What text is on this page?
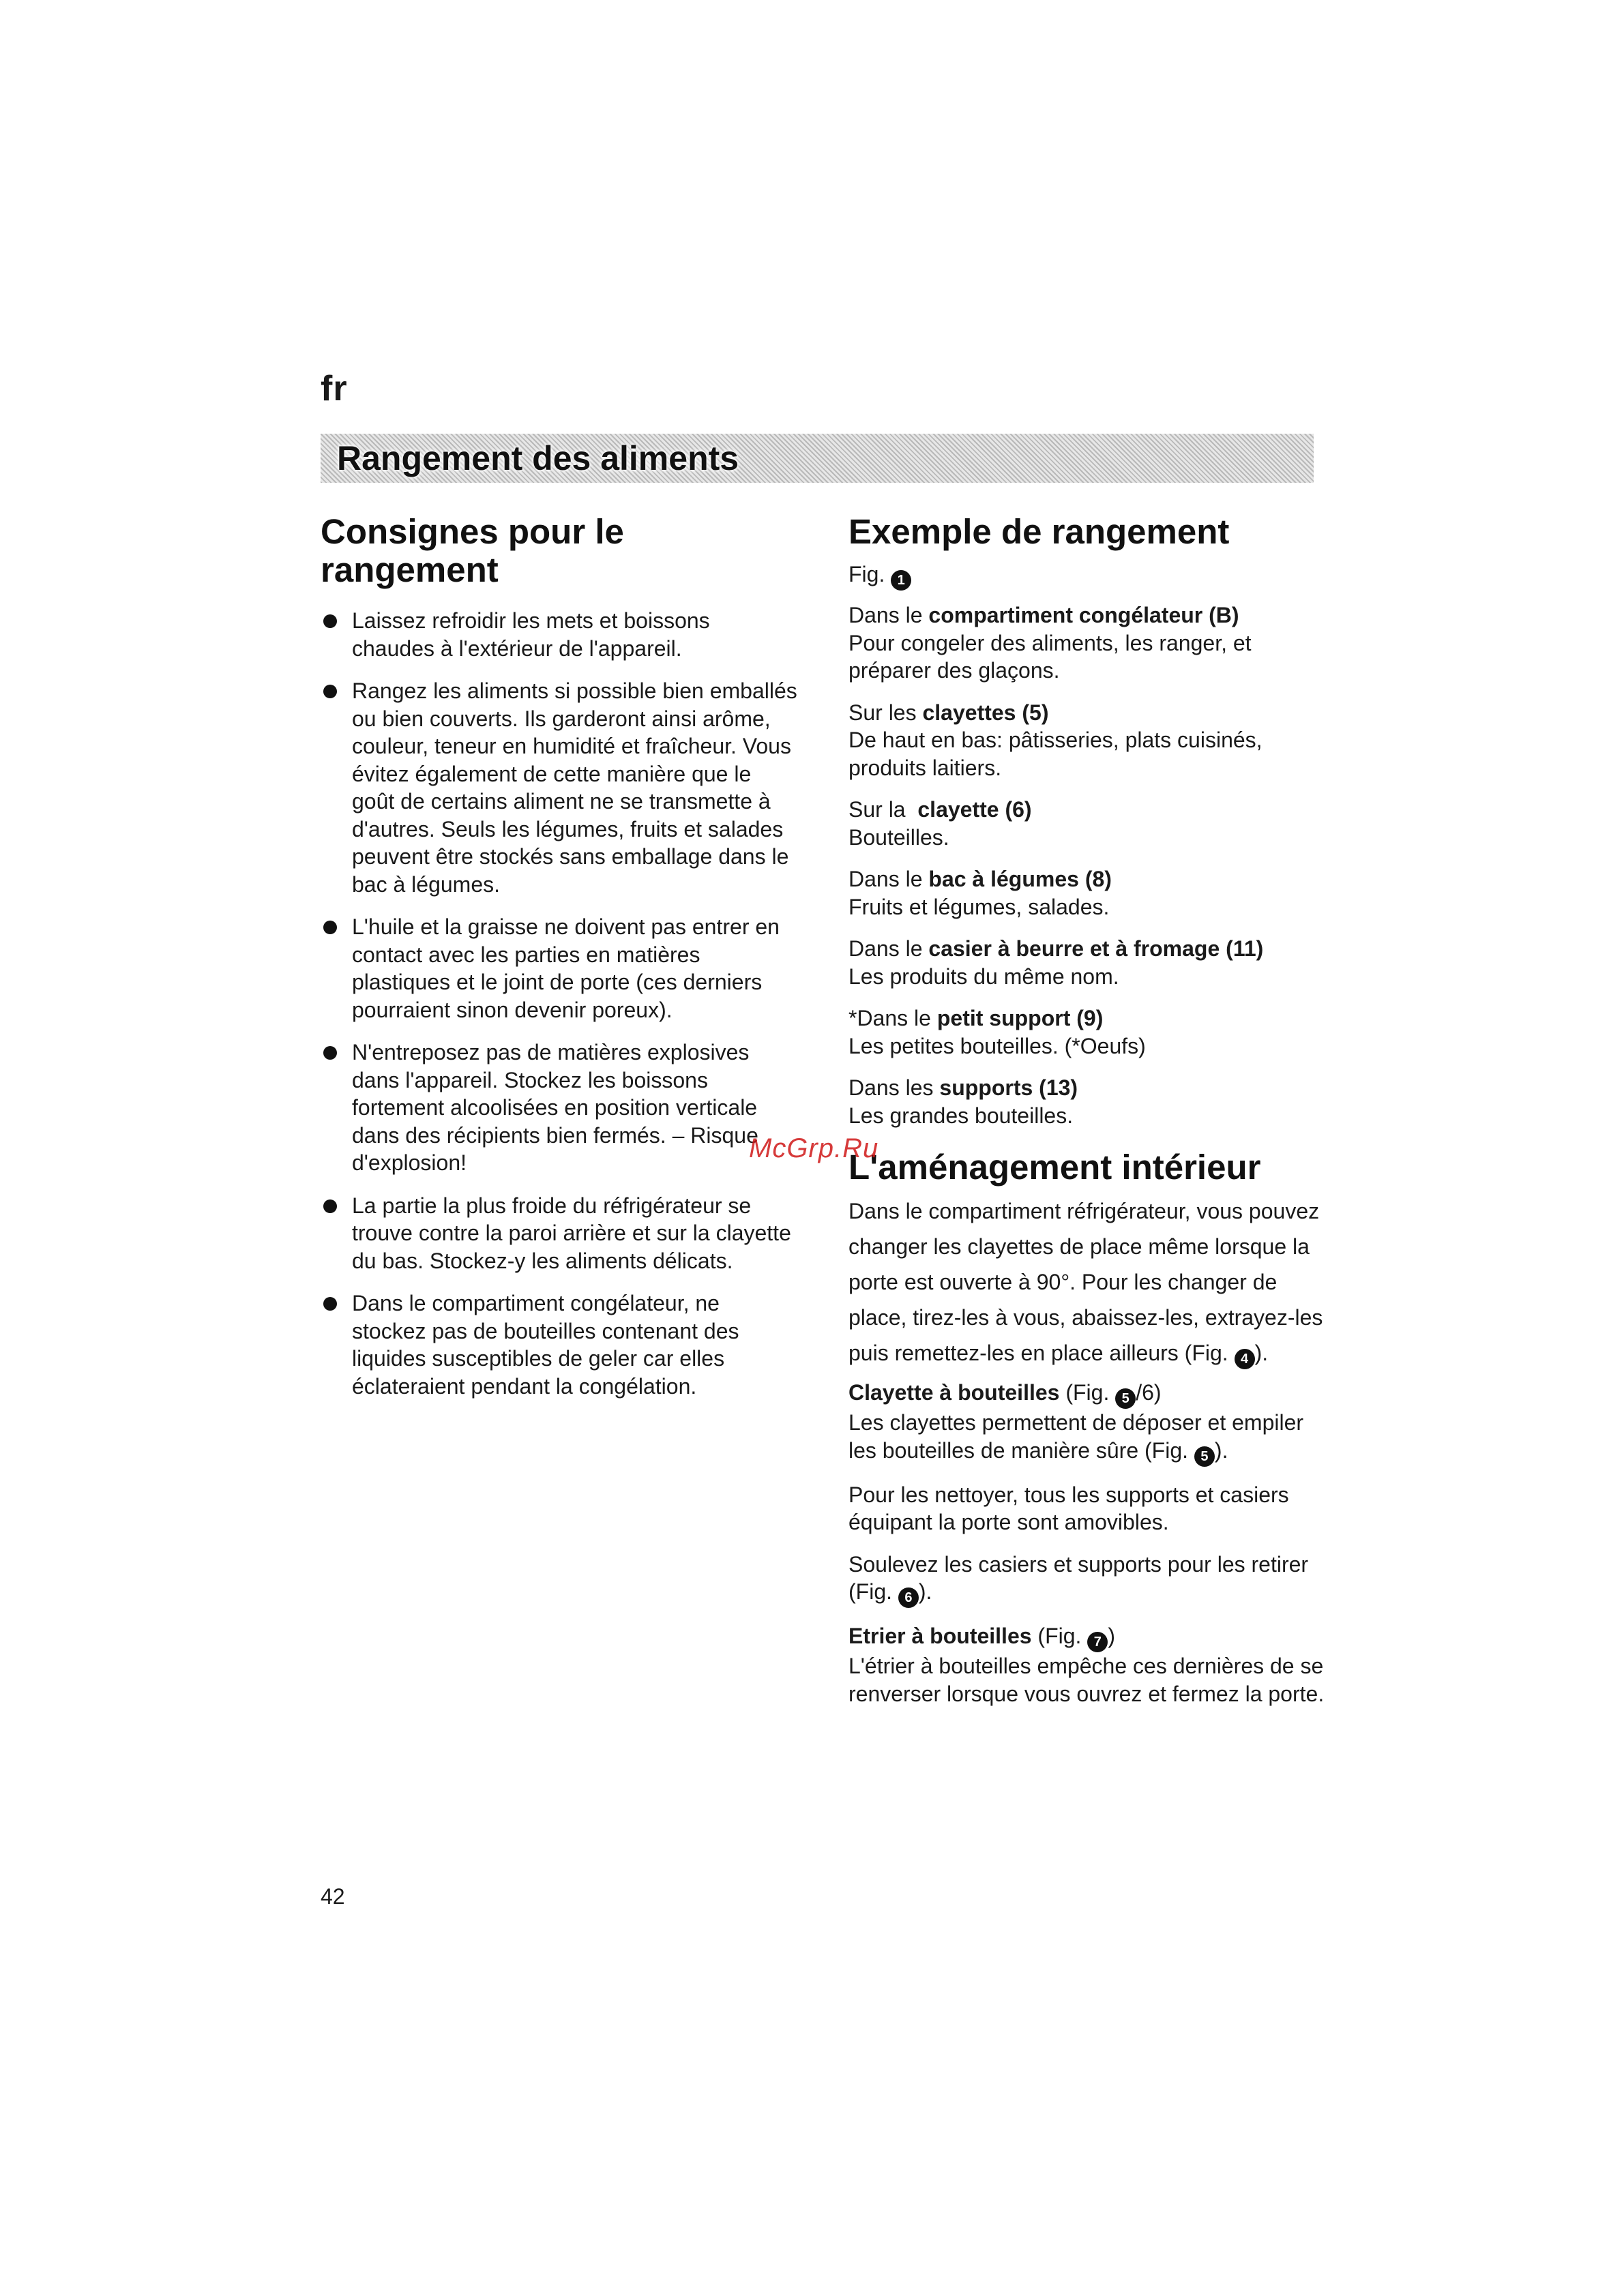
fr
Rangement des aliments
Consignes pour le rangement
Laissez refroidir les mets et boissons chaudes à l'extérieur de l'appareil.
Rangez les aliments si possible bien emballés ou bien couverts. Ils garderont ainsi arôme, couleur, teneur en humidité et fraîcheur. Vous évitez également de cette manière que le goût de certains aliment ne se transmette à d'autres. Seuls les légumes, fruits et salades peuvent être stockés sans emballage dans le bac à légumes.
L'huile et la graisse ne doivent pas entrer en contact avec les parties en matières plastiques et le joint de porte (ces derniers pourraient sinon devenir poreux).
N'entreposez pas de matières explosives dans l'appareil. Stockez les boissons fortement alcoolisées en position verticale dans des récipients bien fermés. – Risque d'explosion!
La partie la plus froide du réfrigérateur se trouve contre la paroi arrière et sur la clayette du bas. Stockez-y les aliments délicats.
Dans le compartiment congélateur, ne stockez pas de bouteilles contenant des liquides susceptibles de geler car elles éclateraient pendant la congélation.
Exemple de rangement
Fig. 1
Dans le compartiment congélateur (B)
Pour congeler des aliments, les ranger, et préparer des glaçons.
Sur les clayettes (5)
De haut en bas: pâtisseries, plats cuisinés, produits laitiers.
Sur la  clayette (6)
Bouteilles.
Dans le bac à légumes (8)
Fruits et légumes, salades.
Dans le casier à beurre et à fromage (11)
Les produits du même nom.
*Dans le petit support (9)
Les petites bouteilles. (*Oeufs)
Dans les supports (13)
Les grandes bouteilles.
L'aménagement intérieur
Dans le compartiment réfrigérateur, vous pouvez changer les clayettes de place même lorsque la porte est ouverte à 90°. Pour les changer de place, tirez-les à vous, abaissez-les, extrayez-les puis remettez-les en place ailleurs (Fig. 4 ).
Clayette à bouteilles (Fig. 5 /6)
Les clayettes permettent de déposer et empiler les bouteilles de manière sûre (Fig. 5 ).
Pour les nettoyer, tous les supports et casiers équipant la porte sont amovibles.
Soulevez les casiers et supports pour les retirer (Fig. 6 ).
Etrier à bouteilles (Fig. 7 )
L'étrier à bouteilles empêche ces dernières de se renverser lorsque vous ouvrez et fermez la porte.
McGrp.Ru
42
